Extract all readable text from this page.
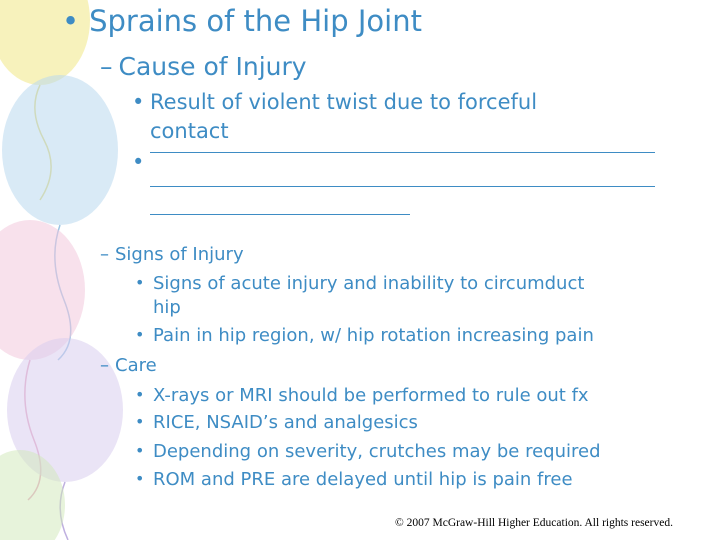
• Sprains of the Hip Joint
– Cause of Injury
• Result of violent twist due to forceful
contact
•
– Signs of Injury
• Signs of acute injury and inability to circumduct
hip
• Pain in hip region, w/ hip rotation increasing pain
– Care
• X-rays or MRI should be performed to rule out fx
• RICE, NSAID’s and analgesics
• Depending on severity, crutches may be required
• ROM and PRE are delayed until hip is pain free
© 2007 McGraw-Hill Higher Education. All rights reserved.
